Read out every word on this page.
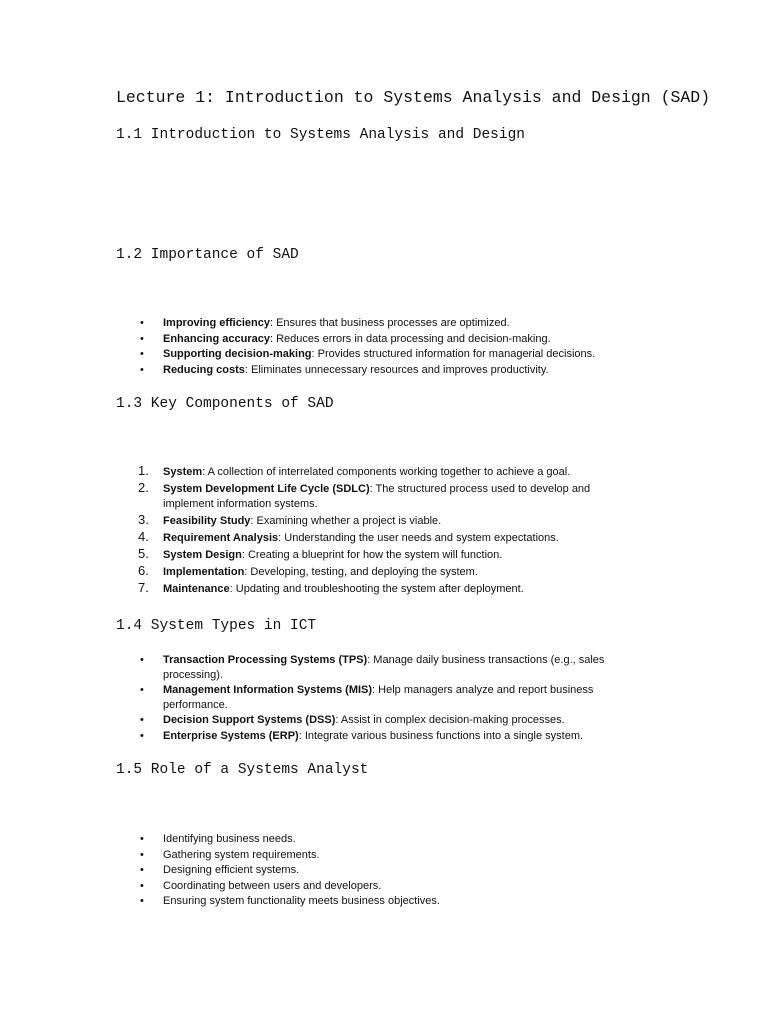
Lecture 1: Introduction to Systems Analysis and Design (SAD)
1.1 Introduction to Systems Analysis and Design
1.2 Importance of SAD
• Improving efficiency: Ensures that business processes are optimized.
• Enhancing accuracy: Reduces errors in data processing and decision-making.
• Supporting decision-making: Provides structured information for managerial decisions.
• Reducing costs: Eliminates unnecessary resources and improves productivity.
1.3 Key Components of SAD
1. System: A collection of interrelated components working together to achieve a goal.
2. System Development Life Cycle (SDLC): The structured process used to develop and implement information systems.
3. Feasibility Study: Examining whether a project is viable.
4. Requirement Analysis: Understanding the user needs and system expectations.
5. System Design: Creating a blueprint for how the system will function.
6. Implementation: Developing, testing, and deploying the system.
7. Maintenance: Updating and troubleshooting the system after deployment.
1.4 System Types in ICT
• Transaction Processing Systems (TPS): Manage daily business transactions (e.g., sales processing).
• Management Information Systems (MIS): Help managers analyze and report business performance.
• Decision Support Systems (DSS): Assist in complex decision-making processes.
• Enterprise Systems (ERP): Integrate various business functions into a single system.
1.5 Role of a Systems Analyst
• Identifying business needs.
• Gathering system requirements.
• Designing efficient systems.
• Coordinating between users and developers.
• Ensuring system functionality meets business objectives.
